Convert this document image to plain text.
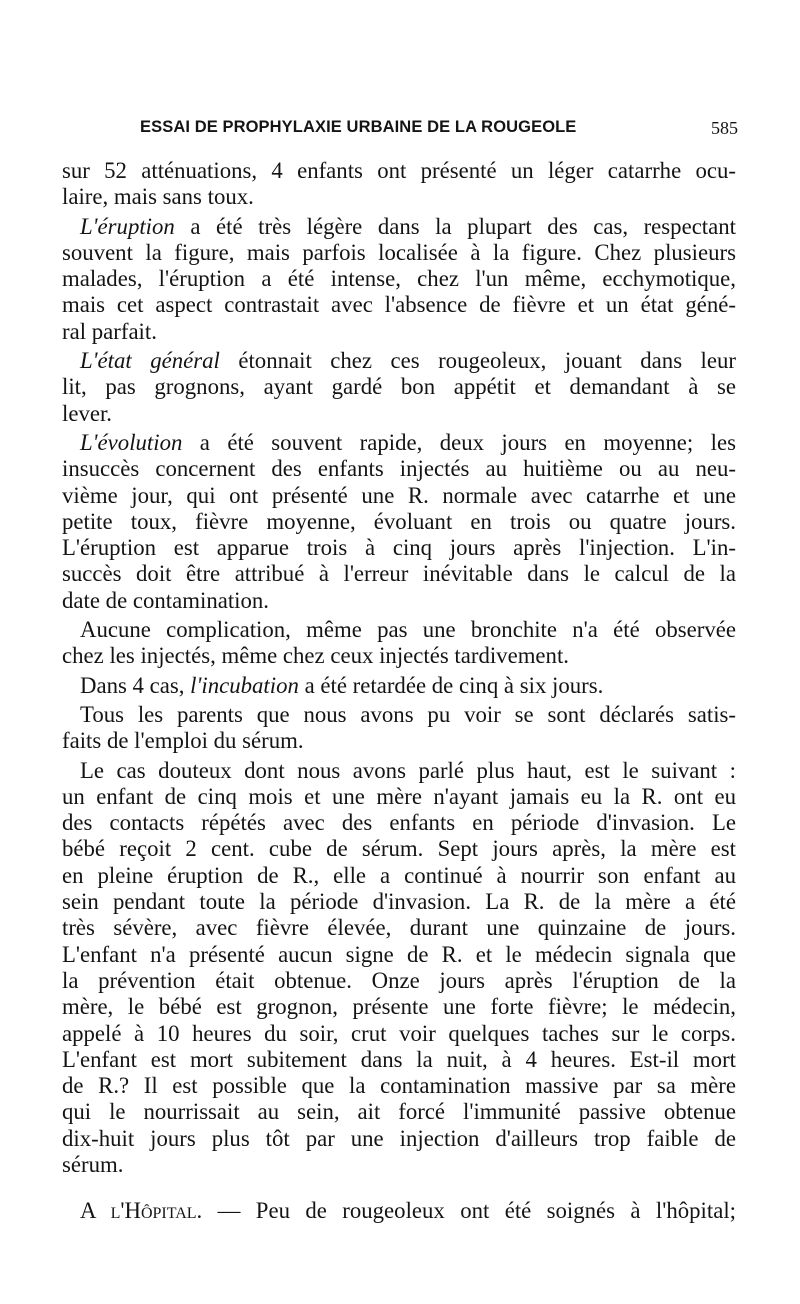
ESSAI DE PROPHYLAXIE URBAINE DE LA ROUGEOLE	585
sur 52 atténuations, 4 enfants ont présenté un léger catarrhe ocu-
laire, mais sans toux.
L'éruption a été très légère dans la plupart des cas, respectant
souvent la figure, mais parfois localisée à la figure. Chez plusieurs
malades, l'éruption a été intense, chez l'un même, ecchymotique,
mais cet aspect contrastait avec l'absence de fièvre et un état géné-
ral parfait.
L'état général étonnait chez ces rougeoleux, jouant dans leur
lit, pas grognons, ayant gardé bon appétit et demandant à se
lever.
L'évolution a été souvent rapide, deux jours en moyenne; les
insuccès concernent des enfants injectés au huitième ou au neu-
vième jour, qui ont présenté une R. normale avec catarrhe et une
petite toux, fièvre moyenne, évoluant en trois ou quatre jours.
L'éruption est apparue trois à cinq jours après l'injection. L'in-
succès doit être attribué à l'erreur inévitable dans le calcul de la
date de contamination.
Aucune complication, même pas une bronchite n'a été observée
chez les injectés, même chez ceux injectés tardivement.
Dans 4 cas, l'incubation a été retardée de cinq à six jours.
Tous les parents que nous avons pu voir se sont déclarés satis-
faits de l'emploi du sérum.
Le cas douteux dont nous avons parlé plus haut, est le suivant :
un enfant de cinq mois et une mère n'ayant jamais eu la R. ont eu
des contacts répétés avec des enfants en période d'invasion. Le
bébé reçoit 2 cent. cube de sérum. Sept jours après, la mère est
en pleine éruption de R., elle a continué à nourrir son enfant au
sein pendant toute la période d'invasion. La R. de la mère a été
très sévère, avec fièvre élevée, durant une quinzaine de jours.
L'enfant n'a présenté aucun signe de R. et le médecin signala que
la prévention était obtenue. Onze jours après l'éruption de la
mère, le bébé est grognon, présente une forte fièvre; le médecin,
appelé à 10 heures du soir, crut voir quelques taches sur le corps.
L'enfant est mort subitement dans la nuit, à 4 heures. Est-il mort
de R.? Il est possible que la contamination massive par sa mère
qui le nourrissait au sein, ait forcé l'immunité passive obtenue
dix-huit jours plus tôt par une injection d'ailleurs trop faible de
sérum.
A l'Hôpital. — Peu de rougeoleux ont été soignés à l'hôpital;
